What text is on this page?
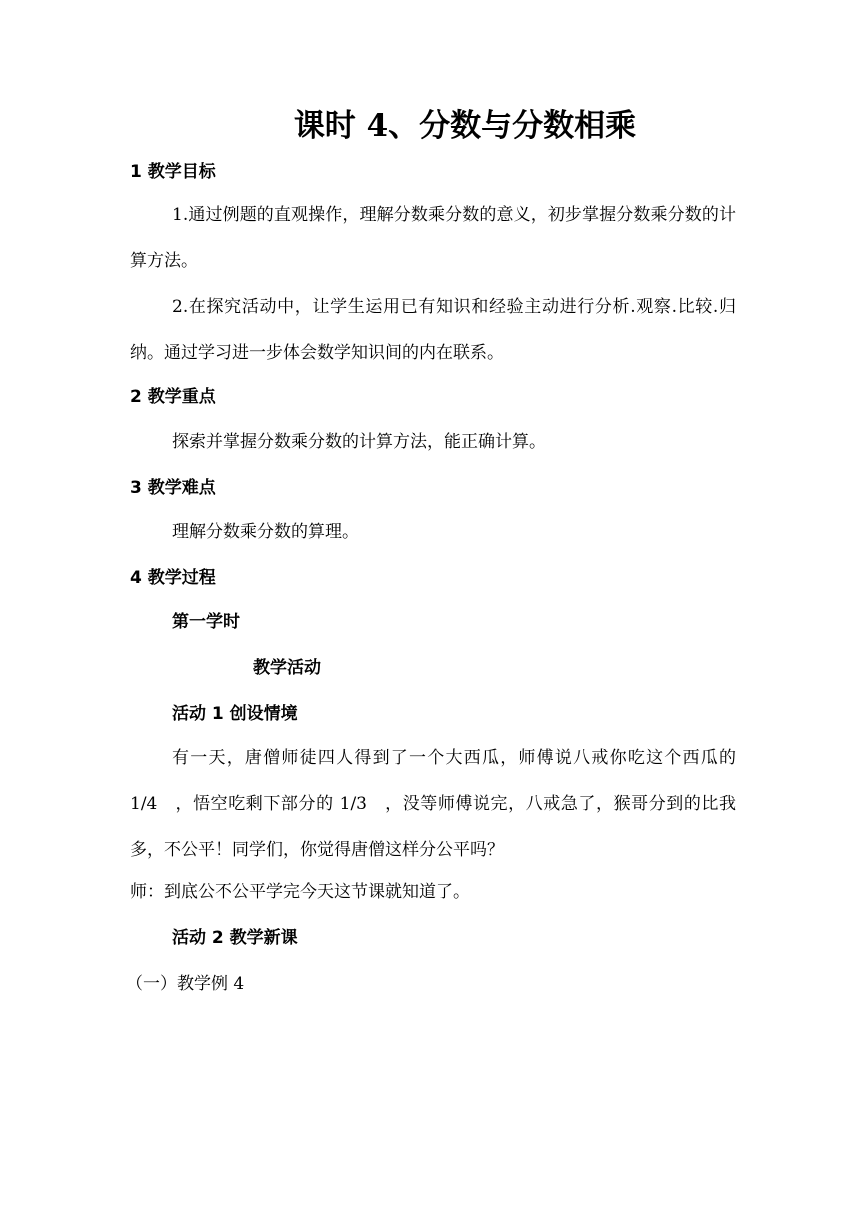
课时 4、分数与分数相乘
1 教学目标
1.通过例题的直观操作，理解分数乘分数的意义，初步掌握分数乘分数的计算方法。
2.在探究活动中，让学生运用已有知识和经验主动进行分析.观察.比较.归纳。通过学习进一步体会数学知识间的内在联系。
2 教学重点
探索并掌握分数乘分数的计算方法，能正确计算。
3 教学难点
理解分数乘分数的算理。
4 教学过程
第一学时
教学活动
活动 1 创设情境
有一天，唐僧师徒四人得到了一个大西瓜，师傅说八戒你吃这个西瓜的 1/4　，悟空吃剩下部分的 1/3　，没等师傅说完，八戒急了，猴哥分到的比我多，不公平！同学们，你觉得唐僧这样分公平吗？
师：到底公不公平学完今天这节课就知道了。
活动 2 教学新课
（一）教学例 4
